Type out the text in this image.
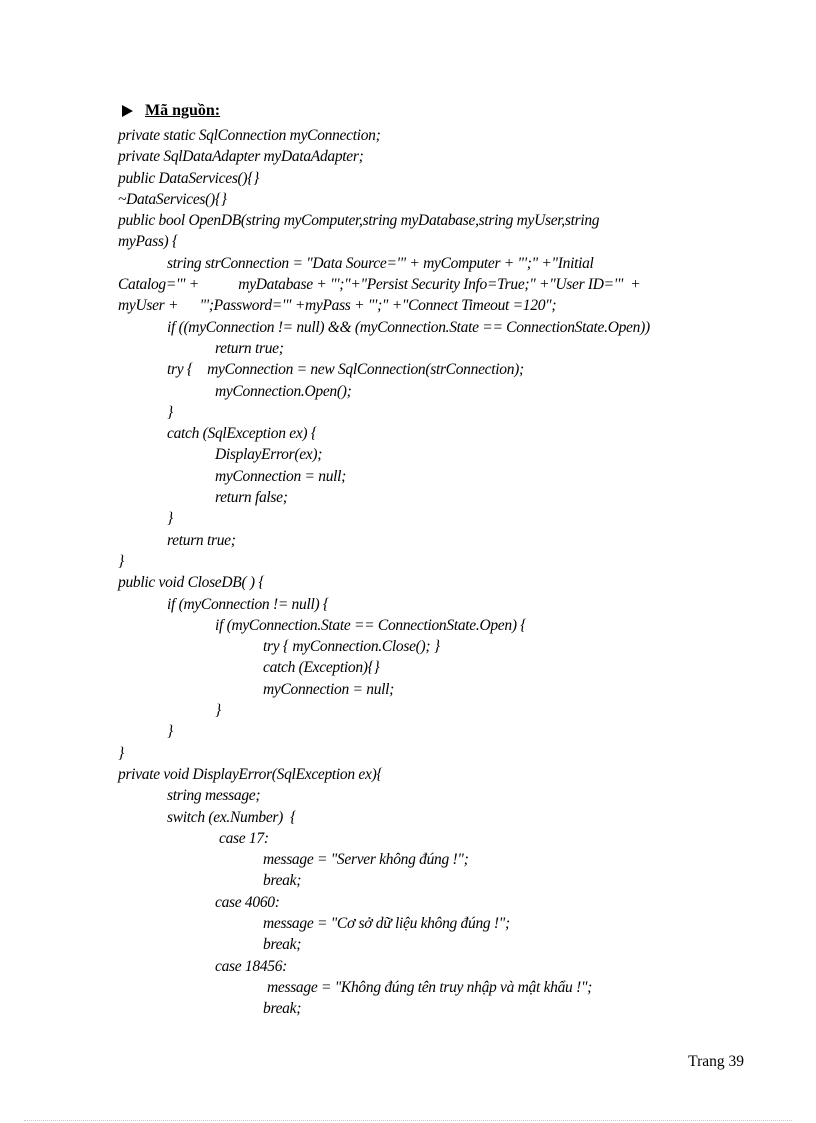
Mã nguồn:
private static SqlConnection myConnection;
private SqlDataAdapter myDataAdapter;
public DataServices(){}
~DataServices(){}
public bool OpenDB(string myComputer,string myDatabase,string myUser,string
myPass) {
string strConnection = "Data Source='" + myComputer + "';" +"Initial
Catalog='" +           myDatabase + "';"+"Persist Security Info=True;" +"User ID='"  +
myUser +      "';Password='" +myPass + "';" +"Connect Timeout =120";
if ((myConnection != null) && (myConnection.State == ConnectionState.Open))
return true;
try {    myConnection = new SqlConnection(strConnection);
myConnection.Open();
}
catch (SqlException ex) {
DisplayError(ex);
myConnection = null;
return false;
}
return true;
}
public void CloseDB( ) {
if (myConnection != null) {
if (myConnection.State == ConnectionState.Open) {
try { myConnection.Close(); }
catch (Exception){}
myConnection = null;
}
}
}
private void DisplayError(SqlException ex){
string message;
switch (ex.Number)  {
case 17:
message = "Server không đúng !";
break;
case 4060:
message = "Cơ sở dữ liệu không đúng !";
break;
case 18456:
message = "Không đúng tên truy nhập và mật khẩu !";
break;
Trang 39
